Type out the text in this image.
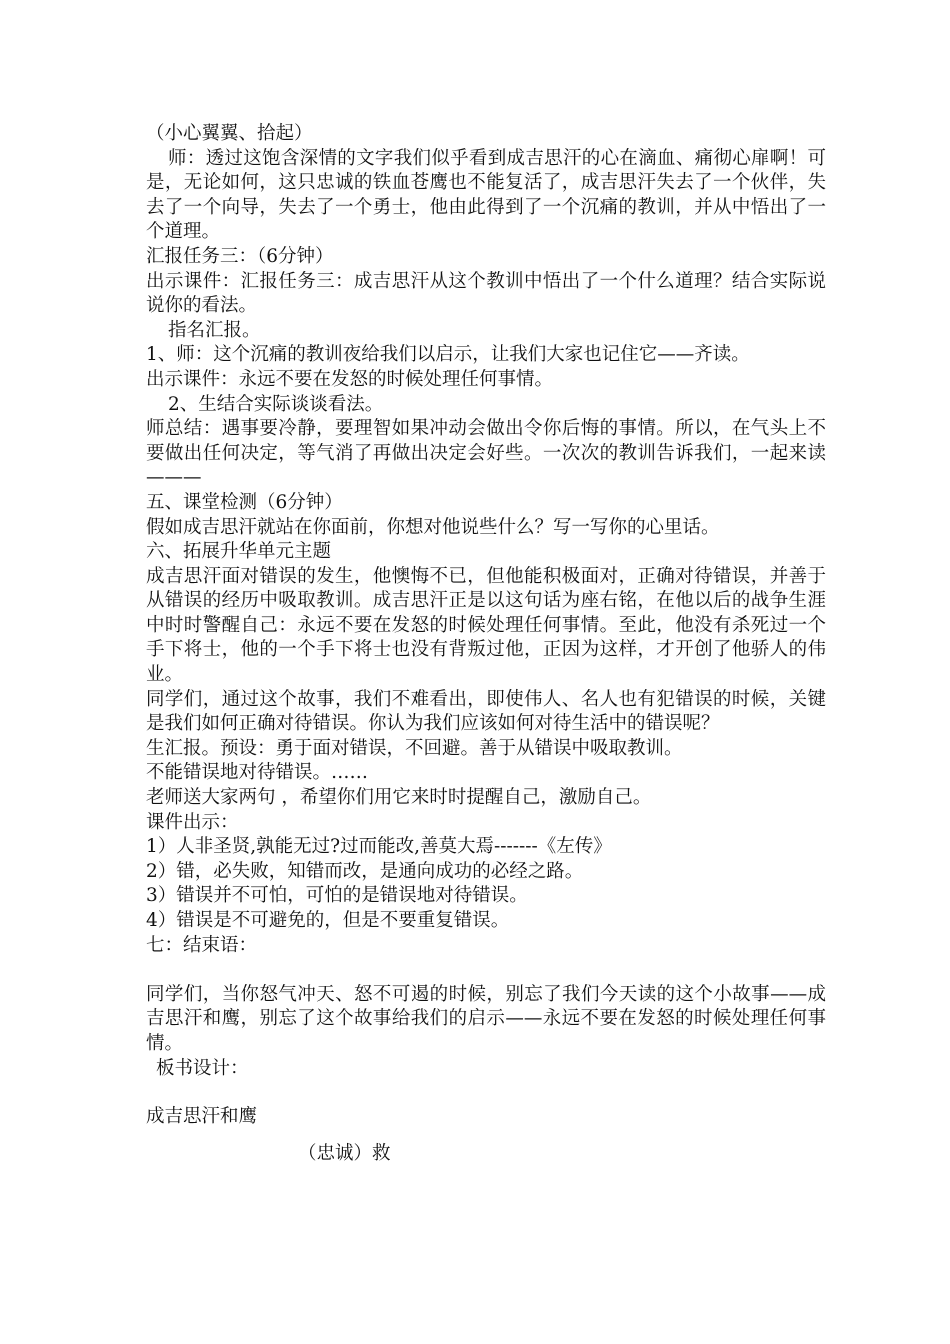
（小心翼翼、拾起）

师：透过这饱含深情的文字我们似乎看到成吉思汗的心在滴血、痛彻心扉啊！可是，无论如何，这只忠诚的铁血苍鹰也不能复活了，成吉思汗失去了一个伙伴，失去了一个向导，失去了一个勇士，他由此得到了一个沉痛的教训，并从中悟出了一个道理。

汇报任务三：（6分钟）

出示课件：汇报任务三：成吉思汗从这个教训中悟出了一个什么道理？结合实际说说你的看法。

指名汇报。

1、师：这个沉痛的教训夜给我们以启示，让我们大家也记住它——齐读。

出示课件：永远不要在发怒的时候处理任何事情。

2、生结合实际谈谈看法。

师总结：遇事要冷静，要理智如果冲动会做出令你后悔的事情。所以，在气头上不要做出任何决定，等气消了再做出决定会好些。一次次的教训告诉我们，一起来读———

五、课堂检测（6分钟）

假如成吉思汗就站在你面前，你想对他说些什么？写一写你的心里话。

六、拓展升华单元主题

成吉思汗面对错误的发生，他懊悔不已，但他能积极面对，正确对待错误，并善于从错误的经历中吸取教训。成吉思汗正是以这句话为座右铭，在他以后的战争生涯中时时警醒自己：永远不要在发怒的时候处理任何事情。至此，他没有杀死过一个手下将士，他的一个手下将士也没有背叛过他，正因为这样，才开创了他骄人的伟业。

同学们，通过这个故事，我们不难看出，即使伟人、名人也有犯错误的时候，关键是我们如何正确对待错误。你认为我们应该如何对待生活中的错误呢？

生汇报。预设：勇于面对错误，不回避。善于从错误中吸取教训。

不能错误地对待错误。……

老师送大家两句 ，希望你们用它来时时提醒自己，激励自己。

课件出示：

1）人非圣贤,孰能无过?过而能改,善莫大焉-------《左传》

2）错，必失败，知错而改，是通向成功的必经之路。

3）错误并不可怕，可怕的是错误地对待错误。

4）错误是不可避免的，但是不要重复错误。

七：结束语：

同学们，当你怒气冲天、怒不可遏的时候，别忘了我们今天读的这个小故事——成吉思汗和鹰，别忘了这个故事给我们的启示——永远不要在发怒的时候处理任何事情。

板书设计：

成吉思汗和鹰

（忠诚）救
